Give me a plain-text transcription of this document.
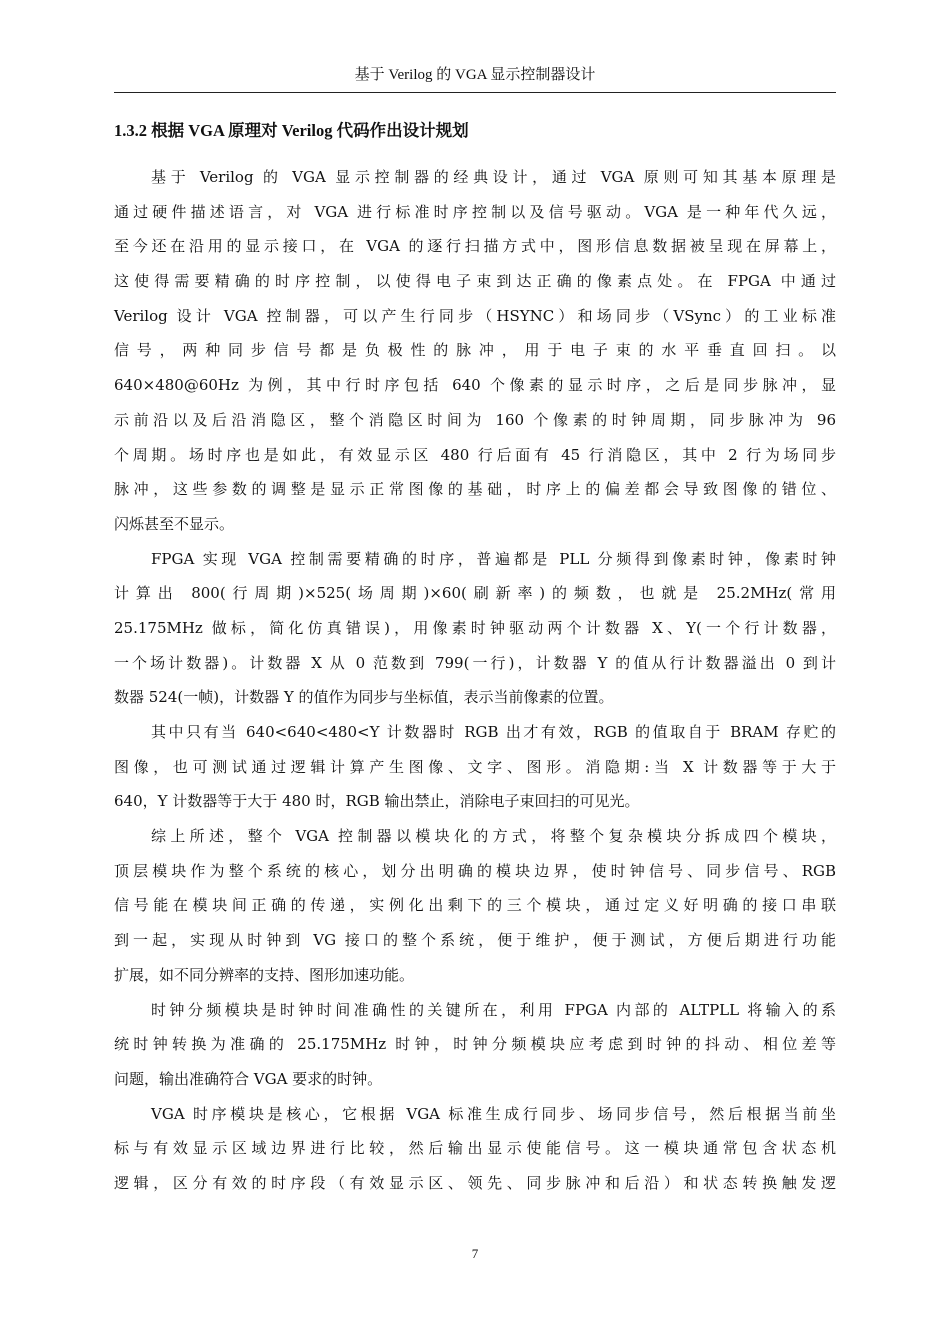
基于 Verilog 的 VGA 显示控制器设计
1.3.2 根据 VGA 原理对 Verilog 代码作出设计规划

基于 Verilog 的 VGA 显示控制器的经典设计，通过 VGA 原则可知其基本原理是
通过硬件描述语言，对 VGA 进行标准时序控制以及信号驱动。VGA 是一种年代久远，
至今还在沿用的显示接口，在 VGA 的逐行扫描方式中，图形信息数据被呈现在屏幕上，
这使得需要精确的时序控制，以使得电子束到达正确的像素点处。在 FPGA 中通过
Verilog 设计 VGA 控制器，可以产生行同步（HSYNC）和场同步（VSync）的工业标准
信号，两种同步信号都是负极性的脉冲，用于电子束的水平垂直回扫。以
640×480@60Hz 为例，其中行时序包括 640 个像素的显示时序，之后是同步脉冲，显
示前沿以及后沿消隐区，整个消隐区时间为 160 个像素的时钟周期，同步脉冲为 96
个周期。场时序也是如此，有效显示区 480 行后面有 45 行消隐区，其中 2 行为场同步
脉冲，这些参数的调整是显示正常图像的基础，时序上的偏差都会导致图像的错位、
闪烁甚至不显示。

FPGA 实现 VGA 控制需要精确的时序，普遍都是 PLL 分频得到像素时钟，像素时钟
计算出 800(行周期)×525(场周期)×60(刷新率)的频数，也就是 25.2MHz(常用
25.175MHz 做标，简化仿真错误)，用像素时钟驱动两个计数器 X、Y(一个行计数器，
一个场计数器)。计数器 X 从 0 范数到 799(一行)，计数器 Y 的值从行计数器溢出 0 到计
数器 524(一帧)，计数器 Y 的值作为同步与坐标值，表示当前像素的位置。

其中只有当 640<640<480<Y 计数器时 RGB 出才有效，RGB 的值取自于 BRAM 存贮的
图像，也可测试通过逻辑计算产生图像、文字、图形。消隐期:当 X 计数器等于大于
640，Y 计数器等于大于 480 时，RGB 输出禁止，消除电子束回扫的可见光。

综上所述，整个 VGA 控制器以模块化的方式，将整个复杂模块分拆成四个模块，
顶层模块作为整个系统的核心，划分出明确的模块边界，使时钟信号、同步信号、RGB
信号能在模块间正确的传递，实例化出剩下的三个模块，通过定义好明确的接口串联
到一起，实现从时钟到 VG 接口的整个系统，便于维护，便于测试，方便后期进行功能
扩展，如不同分辨率的支持、图形加速功能。

时钟分频模块是时钟时间准确性的关键所在，利用 FPGA 内部的 ALTPLL 将输入的系
统时钟转换为准确的 25.175MHz 时钟，时钟分频模块应考虑到时钟的抖动、相位差等
问题，输出准确符合 VGA 要求的时钟。

VGA 时序模块是核心，它根据 VGA 标准生成行同步、场同步信号，然后根据当前坐
标与有效显示区域边界进行比较，然后输出显示使能信号。这一模块通常包含状态机
逻辑，区分有效的时序段（有效显示区、领先、同步脉冲和后沿）和状态转换触发逻

7
